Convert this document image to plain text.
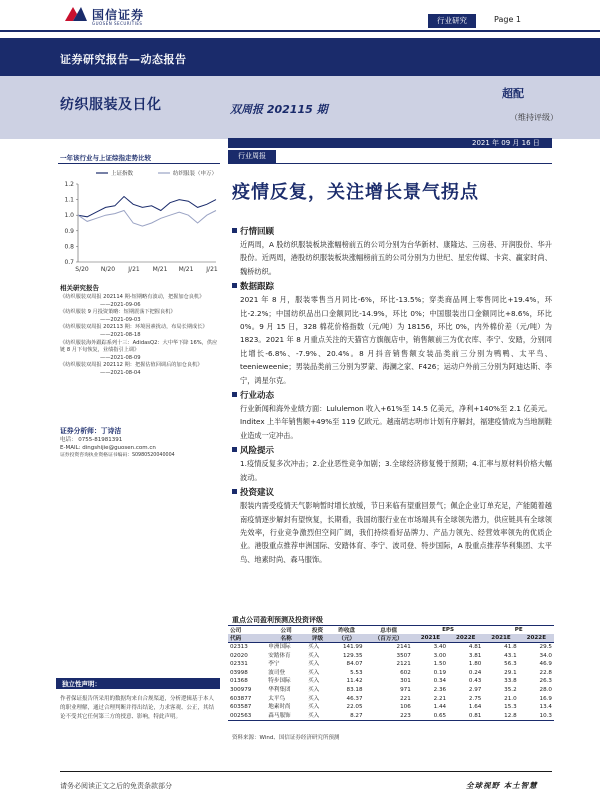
国信证券
GUOSEN SECURITIES	行业研究	Page 1
证券研究报告—动态报告
纺织服装及日化	双周报 202115 期
超配
（维持评级）
2021 年 09 月 16 日
一年该行业与上证综指走势比较
上证指数	纺织服装（申万）
0.7
0.8
0.9
1.0
1.1
1.2
S/20 N/20 J/21 M/21 M/21 J/21
相关研究报告
《纺织服装双周报 202114 期-短期略有波动，把握加仓良机》
——2021-09-06
《纺织服装 9 月投资策略：短期震荡下把握良机》
——2021-09-03
《纺织服装双周报 202113 期：环境因素扰动，布局长期成长》
——2021-08-18
《纺织服装海外跟踪系列十三：AdidasQ2：大中华下降 16%，供应链 8 月下旬恢复，业绩指引上调》
——2021-08-09
《纺织服装双周报 202112 期：把握估值回调后的加仓良机》
——2021-08-04
证券分析师：丁诗洁
电话： 0755-81981391
E-MAIL: dingshijie@guosen.com.cn
证券投资咨询执业资格证书编码：S0980520040004
独立性声明：
作者保证报告所采用的数据均来自合规渠道，分析逻辑基于本人的职业理解，通过合理判断并得出结论，力求客观、公正，其结论不受其它任何第三方的授意、影响，特此声明。
行业周报
疫情反复，关注增长景气拐点
行情回顾
近两周，A 股纺织服装板块涨幅榜前五的公司分别为台华新材、康隆达、三房巷、开润股份、华升股份。近两周，港股纺织服装板块涨幅榜前五的公司分别为力世纪、星宏传媒、卡宾、赢家时尚、魏桥纺织。
数据跟踪
2021 年 8 月，服装零售当月同比-6%，环比-13.5%；穿类商品网上零售同比+19.4%，环比-2.2%；中国纺织品出口金额同比-14.9%，环比 0%；中国服装出口金额同比+8.6%，环比 0%。9 月 15 日，328 棉花价格指数（元/吨）为 18156，环比 0%，内外棉价差（元/吨）为 1823。2021 年 8 月重点关注的天猫官方旗舰店中，销售额前三为优衣库、李宁、安踏，分别同比增长-6.8%、-7.9%、20.4%。8 月抖音销售额女装品类前三分别为鸭鸭、太平鸟、teenieweenie；男装品类前三分别为罗蒙、海澜之家、F426；运动户外前三分别为阿迪达斯、李宁，鸿星尔克。
行业动态
行业新闻和海外业绩方面：Lululemon 收入+61%至 14.5 亿美元，净利+140%至 2.1 亿美元。Inditex 上半年销售额+49%至 119 亿欧元。越南胡志明市计划有序解封，福建疫情成为当地制鞋业造成一定冲击。
风险提示
1.疫情反复多次冲击；2.企业恶性竞争加剧；3.全球经济修复慢于预期；4.汇率与原材料价格大幅波动。
投资建议
服装内需受疫情天气影响暂时增长放缓，节日来临有望重回景气；佩企企业订单充足，产能随着越南疫情逐步解封有望恢复，长期看，我国纺服行业在市场端具有全球领先潜力，供应链具有全球领先效率，行业竞争激烈但空间广阔，我们持续看好品牌力、产品力领先、经营效率领先的优质企业。港股重点推荐申洲国际、安踏体育、李宁、波司登、特步国际，A 股重点推荐华利集团、太平鸟、地素时尚、森马服饰。
重点公司盈利预测及投资评级
公司	公司	投资	昨收盘	总市值	EPS		PE	
代码	名称	评级	（元）	（百万元）	2021E	2022E	2021E	2022E
02313	申洲国际	买入	141.99	2141	3.40	4.81	41.8	29.5
02020	安踏体育	买入	129.35	3507	3.00	3.81	43.1	34.0
02331	李宁	买入	84.07	2121	1.50	1.80	56.3	46.9
03998	波司登	买入	5.53	602	0.19	0.24	29.1	22.8
01368	特步国际	买入	11.42	301	0.34	0.43	33.8	26.3
300979	华利集团	买入	83.18	971	2.36	2.97	35.2	28.0
603877	太平鸟	买入	46.37	221	2.21	2.75	21.0	16.9
603587	地素时尚	买入	22.05	106	1.44	1.64	15.3	13.4
002563	森马服饰	买入	8.27	223	0.65	0.81	12.8	10.3
资料来源：Wind、国信证券经济研究所预测
请务必阅读正文之后的免责条款部分	全球视野 本土智慧
